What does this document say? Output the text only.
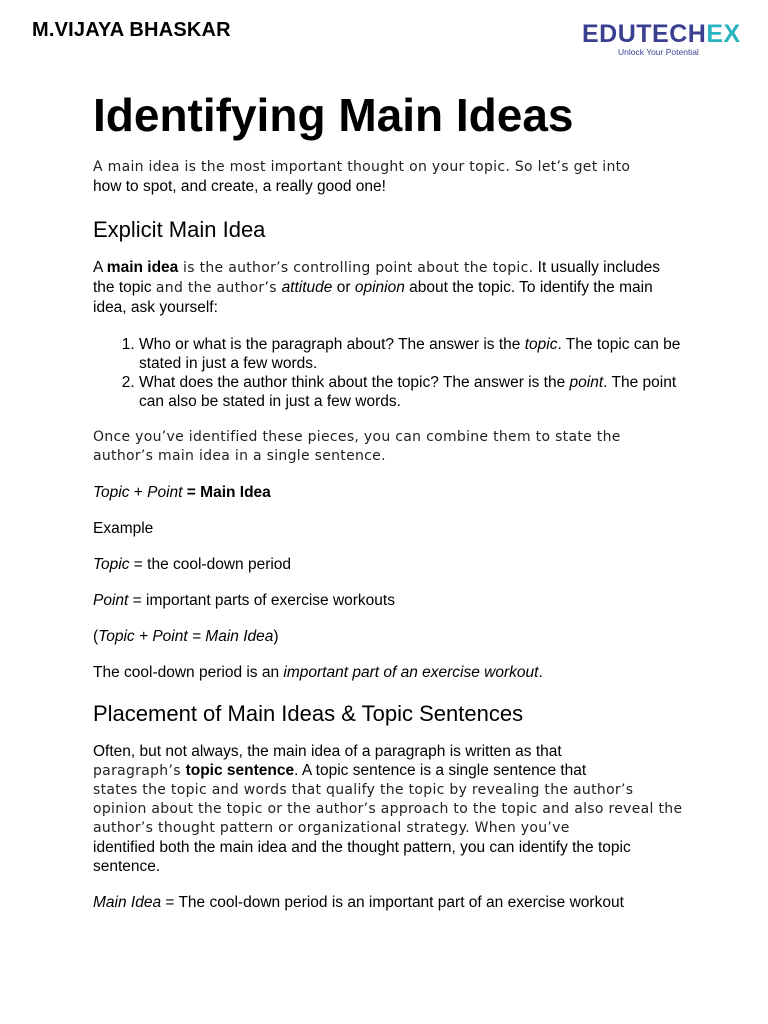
M.VIJAYA BHASKAR	EDUTECHEX
Unlock Your Potential
Identifying Main Ideas

A main idea is the most important thought on your topic. So let’s get into

how to spot, and create, a really good one!

Explicit Main Idea

A main idea is the author’s controlling point about the topic. It usually includes the topic and the author’s attitude or opinion about the topic. To identify the main idea, ask yourself:

1. Who or what is the paragraph about? The answer is the topic. The topic can be stated in just a few words.
2. What does the author think about the topic? The answer is the point. The point can also be stated in just a few words.

Once you’ve identified these pieces, you can combine them to state the author’s main idea in a single sentence.

Topic + Point = Main Idea

Example

Topic = the cool-down period

Point = important parts of exercise workouts

(Topic + Point = Main Idea)

The cool-down period is an important part of an exercise workout.

Placement of Main Ideas & Topic Sentences

Often, but not always, the main idea of a paragraph is written as that

paragraph’s topic sentence. A topic sentence is a single sentence that

states the topic and words that qualify the topic by revealing the author’s opinion about the topic or the author’s approach to the topic and also reveal the author’s thought pattern or organizational strategy. When you’ve

identified both the main idea and the thought pattern, you can identify the topic sentence.

Main Idea = The cool-down period is an important part of an exercise workout
